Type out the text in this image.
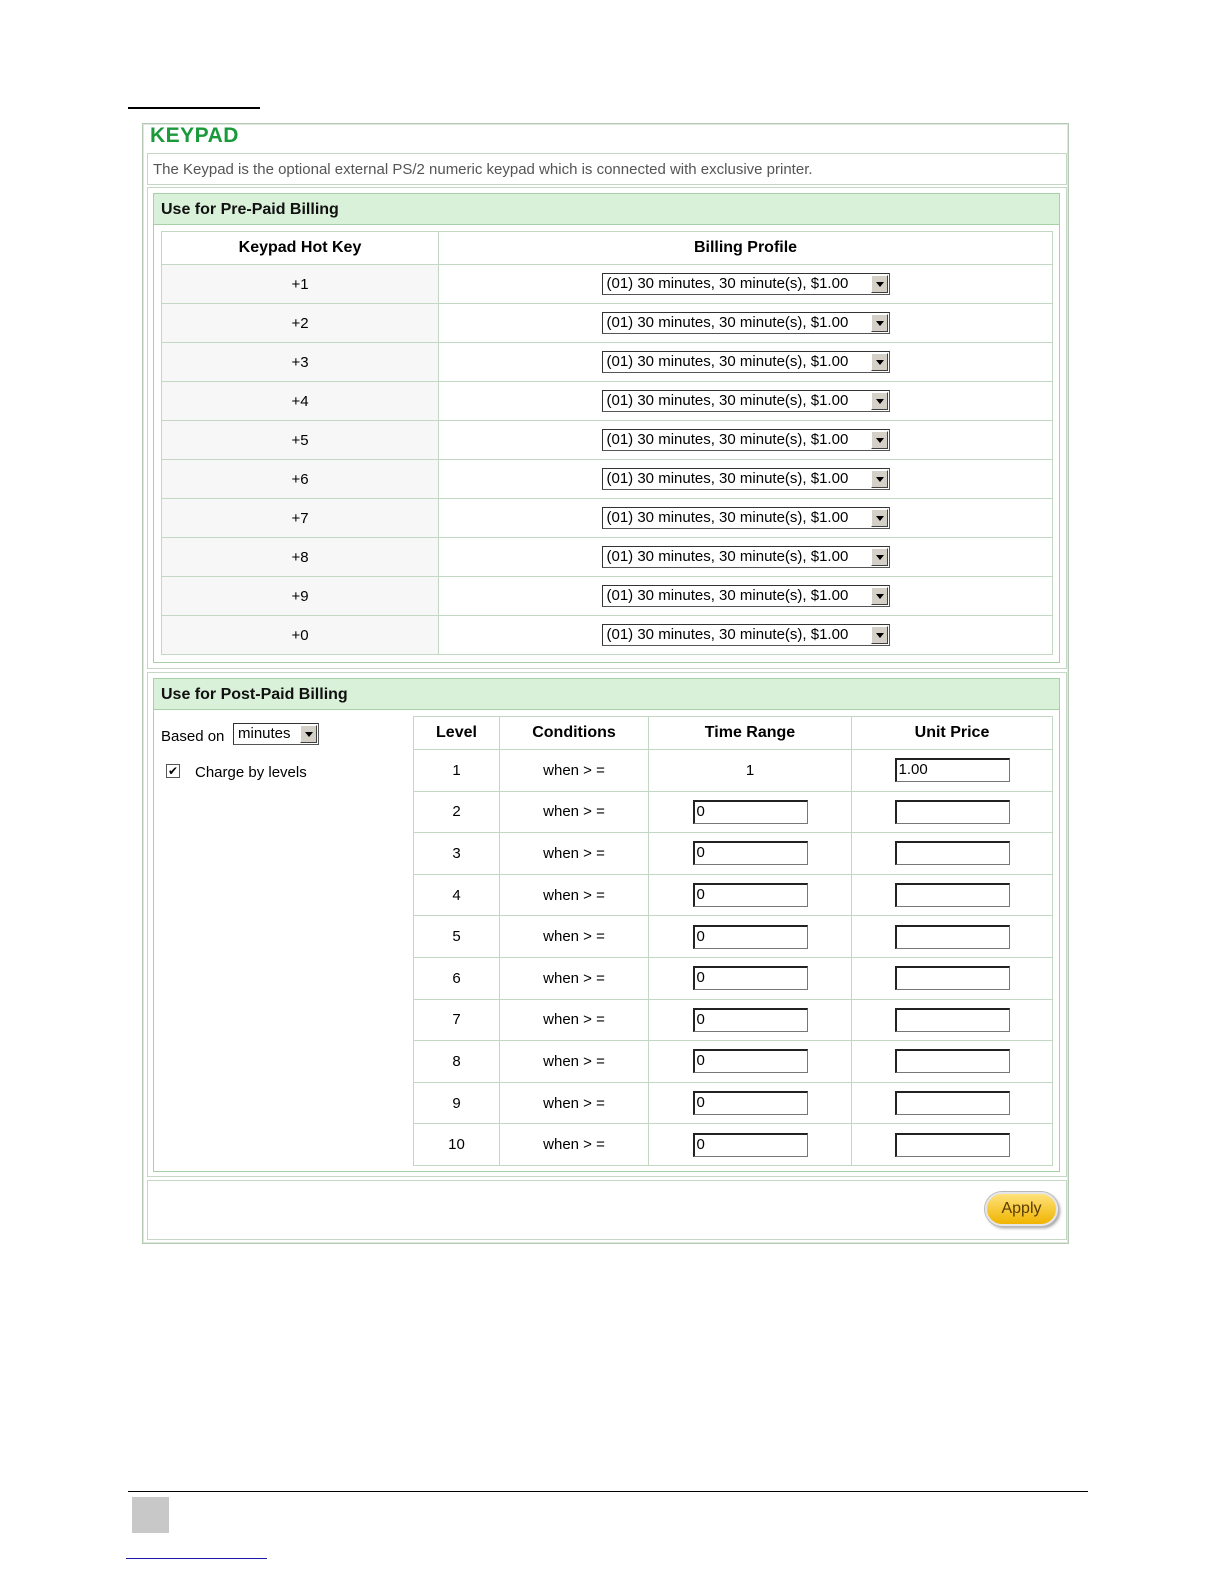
KEYPAD
The Keypad is the optional external PS/2 numeric keypad which is connected with exclusive printer.
Use for Pre-Paid Billing
Keypad Hot Key	Billing Profile
+1	(01) 30 minutes, 30 minute(s), $1.00

+2	(01) 30 minutes, 30 minute(s), $1.00

+3	(01) 30 minutes, 30 minute(s), $1.00

+4	(01) 30 minutes, 30 minute(s), $1.00

+5	(01) 30 minutes, 30 minute(s), $1.00

+6	(01) 30 minutes, 30 minute(s), $1.00

+7	(01) 30 minutes, 30 minute(s), $1.00

+8	(01) 30 minutes, 30 minute(s), $1.00

+9	(01) 30 minutes, 30 minute(s), $1.00

+0	(01) 30 minutes, 30 minute(s), $1.00
Use for Post-Paid Billing
Based on minutes
✔ Charge by levels
Level	Conditions	Time Range	Unit Price
1	when > =	1	1.00
2	when > =	0	
3	when > =	0	
4	when > =	0	
5	when > =	0	
6	when > =	0	
7	when > =	0	
8	when > =	0	
9	when > =	0	
10	when > =	0	
Apply
